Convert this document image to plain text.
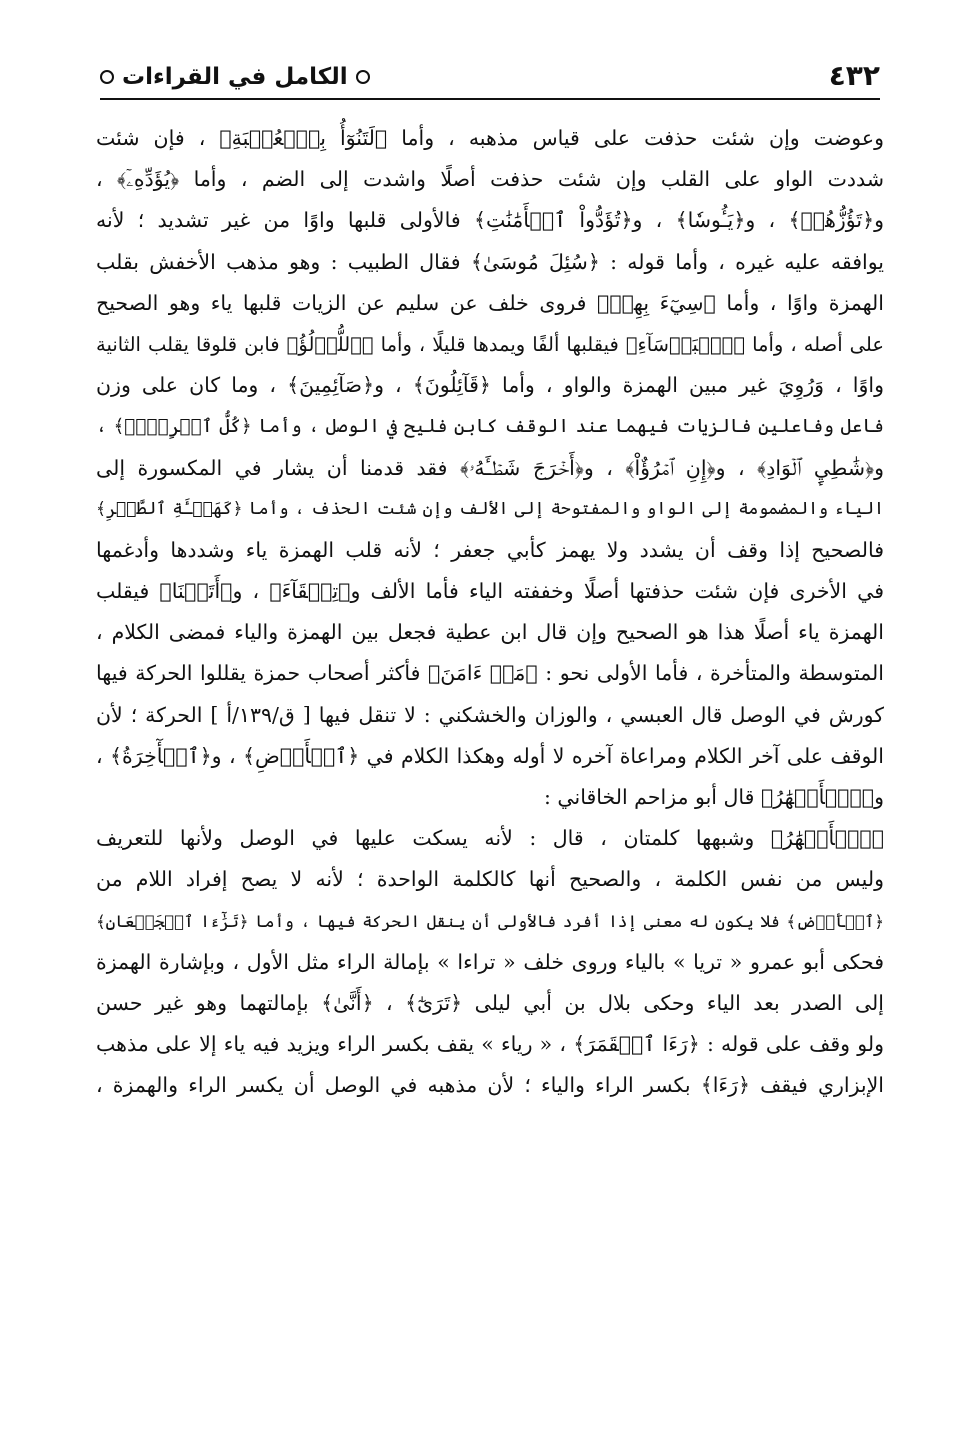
الكامل في القراءات	٤٣٢
وعوضت وإن شئت حذفت على قياس مذهبه ، وأما ﴿لَتَنُوٓأُ بِٱلۡعُصۡبَةِ﴾ ، فإن شئت
شددت الواو على القلب وإن شئت حذفت أصلًا واشدت إلى الضم ، وأما ﴿يُؤَدِّهِۦٓ﴾ ،
و﴿تَؤُزُّهُمۡ﴾ ، و﴿يَـُٔوسٗا﴾ ، و﴿تُؤَدُّواْ ٱلۡأَمَٰنَٰتِ﴾ فالأولى قلبها واوًا من غير تشديد ؛ لأنه
يوافقه عليه غيره ، وأما قوله : ﴿سُئِلَ مُوسَىٰ﴾ فقال الطبيب : وهو مذهب الأخفش بقلب
الهمزة واوًا ، وأما ﴿سِيٓءَ بِهِمۡ﴾ فروى خلف عن سليم عن الزيات قلبها ياء وهو الصحيح
على أصله ، وأما ﴿ٱلۡبَأۡسَآءِ﴾ فيقلبها ألفًا ويمدها قليلًا ، وأما ﴿ٱللُّؤۡلُؤُ﴾ فابن قلوقا يقلب الثانية
واوًا ، وَرُوِيَ غير مبين الهمزة والواو ، وأما ﴿قَآئِلُونَ﴾ ، و﴿صَآئِمِينَ﴾ ، وما كان على وزن
فاعل وفاعلين فالزيات فيهما عند الوقف كابن فليح في الوصل ، وأما ﴿كُلُّ ٱمۡرِيِٕۭ﴾ ،
و﴿شَٰطِيِٕ ٱلۡوَادِ﴾ ، و﴿إِنِ ٱمۡرُؤٌاْ﴾ ، و﴿أَخۡرَجَ شَطۡـَٔهُۥ﴾ فقد قدمنا أن يشار في المكسورة إلى
الياء والمضمومة إلى الواو والمفتوحة إلى الألف وإن شئت الحذف ، وأما ﴿كَهَيۡـَٔةِ ٱلطَّيۡرِ﴾
فالصحيح إذا وقف أن يشدد ولا يهمز كأبي جعفر ؛ لأنه قلب الهمزة ياء وشددها وأدغمها
في الأخرى فإن شئت حذفتها أصلًا وخففته الياء فأما الألف و﴿تِلۡقَآءَ﴾ ، و﴿أَتَيۡنَا﴾ فيقلب
الهمزة ياء أصلًا هذا هو الصحيح وإن قال ابن عطية فجعل بين الهمزة والياء فمضى الكلام ،
المتوسطة والمتأخرة ، فأما الأولى نحو : ﴿مَنۡ ءَامَنَ﴾ فأكثر أصحاب حمزة يقللوا الحركة فيها
كورش في الوصل قال العبسي ، والوزان والخشكني : لا تنقل فيها [ ق/١٣٩/أ ] الحركة ؛ لأن
الوقف على آخر الكلام ومراعاة آخره لا أوله وهكذا الكلام في ﴿ٱلۡأَرۡضِ﴾ ، و﴿ٱلۡأٓخِرَةُ﴾ ،
و﴿ٱلۡأَنۡهَٰرُ﴾ قال أبو مزاحم الخاقاني :
﴿ٱلۡأَنۡهَٰرُ﴾ وشبهها كلمتان ، قال : لأنه يسكت عليها في الوصل ولأنها للتعريف
وليس من نفس الكلمة ، والصحيح أنها كالكلمة الواحدة ؛ لأنه لا يصح إفراد اللام من
﴿ٱلۡأَرۡضِ﴾ فلا يكون له معنى إذا أفرد فالأولى أن ينقل الحركة فيها ، وأما ﴿تَرَٰٓءَا ٱلۡجَمۡعَانِ﴾
فحكى أبو عمرو « تريا » بالياء وروى خلف « تراءا » بإمالة الراء مثل الأول ، وبإشارة الهمزة
إلى الصدر بعد الياء وحكى بلال بن أبي ليلى ﴿تَرَىٰٓ﴾ ، ﴿أَنَّىٰ﴾ بإمالتهما وهو غير حسن
ولو وقف على قوله : ﴿رَءَا ٱلۡقَمَرَ﴾ ، « رياء » يقف بكسر الراء ويزيد فيه ياء إلا على مذهب
الإبزاري فيقف ﴿رَءَا﴾ بكسر الراء والياء ؛ لأن مذهبه في الوصل أن يكسر الراء والهمزة ،
